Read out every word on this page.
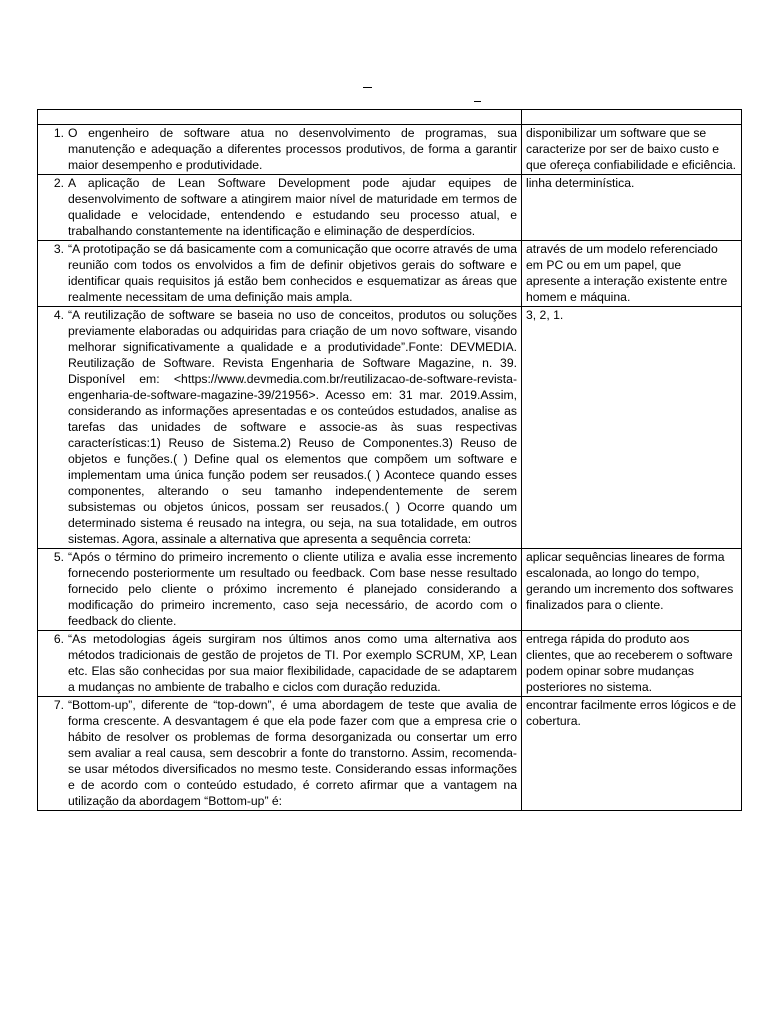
1. O engenheiro de software atua no desenvolvimento de programas, sua manutenção e adequação a diferentes processos produtivos, de forma a garantir maior desempenho e produtividade.	disponibilizar um software que se caracterize por ser de baixo custo e que ofereça confiabilidade e eficiência.

2. A aplicação de Lean Software Development pode ajudar equipes de desenvolvimento de software a atingirem maior nível de maturidade em termos de qualidade e velocidade, entendendo e estudando seu processo atual, e trabalhando constantemente na identificação e eliminação de desperdícios.	linha determinística.

3. “A prototipação se dá basicamente com a comunicação que ocorre através de uma reunião com todos os envolvidos a fim de definir objetivos gerais do software e identificar quais requisitos já estão bem conhecidos e esquematizar as áreas que realmente necessitam de uma definição mais ampla.	através de um modelo referenciado em PC ou em um papel, que apresente a interação existente entre homem e máquina.

4. “A reutilização de software se baseia no uso de conceitos, produtos ou soluções previamente elaboradas ou adquiridas para criação de um novo software, visando melhorar significativamente a qualidade e a produtividade”.Fonte: DEVMEDIA. Reutilização de Software. Revista Engenharia de Software Magazine, n. 39. Disponível em: <https://www.devmedia.com.br/reutilizacao-de-software-revista-engenharia-de-software-magazine-39/21956>. Acesso em: 31 mar. 2019.Assim, considerando as informações apresentadas e os conteúdos estudados, analise as tarefas das unidades de software e associe-as às suas respectivas características:1) Reuso de Sistema.2) Reuso de Componentes.3) Reuso de objetos e funções.( ) Define qual os elementos que compõem um software e implementam uma única função podem ser reusados.( ) Acontece quando esses componentes, alterando o seu tamanho independentemente de serem subsistemas ou objetos únicos, possam ser reusados.( ) Ocorre quando um determinado sistema é reusado na integra, ou seja, na sua totalidade, em outros sistemas. Agora, assinale a alternativa que apresenta a sequência correta:	3, 2, 1.

5. “Após o término do primeiro incremento o cliente utiliza e avalia esse incremento fornecendo posteriormente um resultado ou feedback. Com base nesse resultado fornecido pelo cliente o próximo incremento é planejado considerando a modificação do primeiro incremento, caso seja necessário, de acordo com o feedback do cliente.	aplicar sequências lineares de forma escalonada, ao longo do tempo, gerando um incremento dos softwares finalizados para o cliente.

6. “As metodologias ágeis surgiram nos últimos anos como uma alternativa aos métodos tradicionais de gestão de projetos de TI. Por exemplo SCRUM, XP, Lean etc. Elas são conhecidas por sua maior flexibilidade, capacidade de se adaptarem a mudanças no ambiente de trabalho e ciclos com duração reduzida.	entrega rápida do produto aos clientes, que ao receberem o software podem opinar sobre mudanças posteriores no sistema.

7. “Bottom-up”, diferente de “top-down”, é uma abordagem de teste que avalia de forma crescente. A desvantagem é que ela pode fazer com que a empresa crie o hábito de resolver os problemas de forma desorganizada ou consertar um erro sem avaliar a real causa, sem descobrir a fonte do transtorno. Assim, recomenda-se usar métodos diversificados no mesmo teste. Considerando essas informações e de acordo com o conteúdo estudado, é correto afirmar que a vantagem na utilização da abordagem “Bottom-up” é:	encontrar facilmente erros lógicos e de cobertura.
